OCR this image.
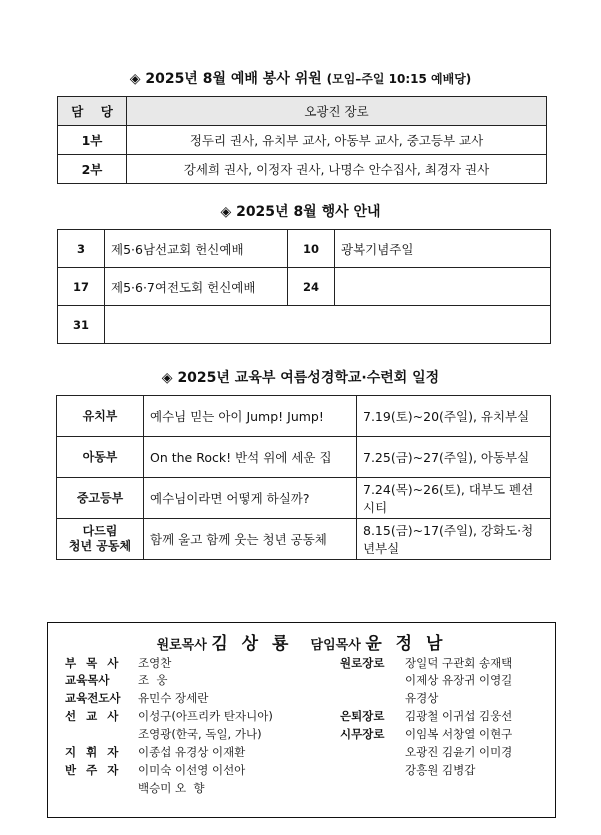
◈ 2025년 8월 예배 봉사 위원 (모임–주일 10:15 예배당)
담    당	오광진 장로
1부	정두리 권사, 유치부 교사, 아동부 교사, 중고등부 교사
2부	강세희 권사, 이정자 권사, 나명수 안수집사, 최경자 권사
◈ 2025년 8월 행사 안내
3	제5·6남선교회 헌신예배	10	광복기념주일
17	제5·6·7여전도회 헌신예배	24	
31			
◈ 2025년 교육부 여름성경학교·수련회 일정
유치부	예수님 믿는 아이 Jump! Jump!	7.19(토)~20(주일), 유치부실
아동부	On the Rock! 반석 위에 세운 집	7.25(금)~27(주일), 아동부실
중고등부	예수님이라면 어떻게 하실까?	7.24(목)~26(토), 대부도 펜션시티

다드림
청년 공동체	함께 울고 함께 웃는 청년 공동체	8.15(금)~17(주일), 강화도·청년부실
원로목사 김 상 룡 담임목사 윤 정 남
부 목 사 조영찬
교육목사 조  웅
교육전도사 유민수 장세란
선 교 사 이성구(아프리카 탄자니아)
조영광(한국, 독일, 가나)
지 휘 자 이종섭 유경상 이재환
반 주 자 이미숙 이선영 이선아
백승미 오  향
원로장로 장일덕 구관회 송재택
이제상 유장귀 이영길
유경상
은퇴장로 김광철 이귀섭 김웅선
시무장로 이임복 서창열 이현구
오광진 김윤기 이미경
강흥원 김병갑
